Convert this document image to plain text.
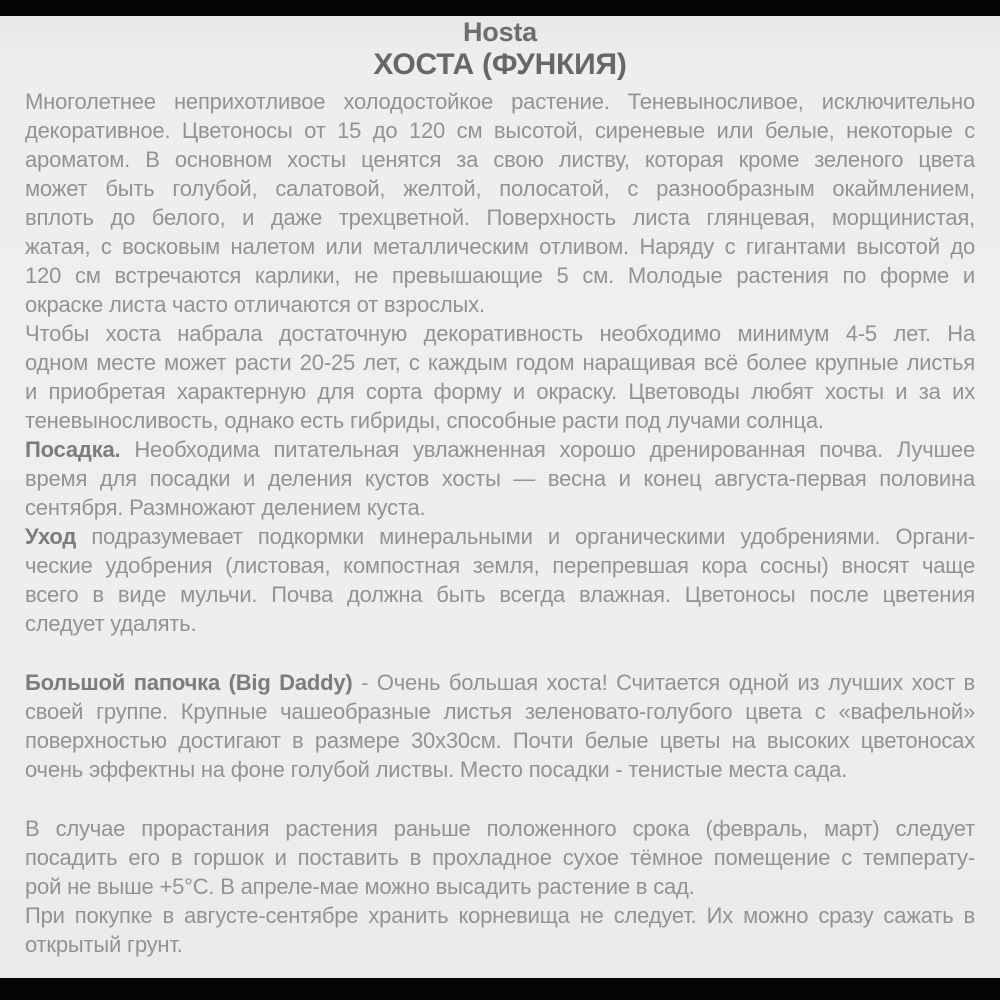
Hosta
ХОСТА (ФУНКИЯ)
Многолетнее неприхотливое холодостойкое растение. Теневыносливое, исключительно
декоративное. Цветоносы от 15 до 120 см высотой, сиреневые или белые, некоторые с
ароматом. В основном хосты ценятся за свою листву, которая кроме зеленого цвета
может быть голубой, салатовой, желтой, полосатой, с разнообразным окаймлением,
вплоть до белого, и даже трехцветной. Поверхность листа глянцевая, морщинистая,
жатая, с восковым налетом или металлическим отливом. Наряду с гигантами высотой до
120 см встречаются карлики, не превышающие 5 см. Молодые растения по форме и
окраске листа часто отличаются от взрослых.
Чтобы хоста набрала достаточную декоративность необходимо минимум 4-5 лет. На
одном месте может расти 20-25 лет, с каждым годом наращивая всё более крупные листья
и приобретая характерную для сорта форму и окраску. Цветоводы любят хосты и за их
теневыносливость, однако есть гибриды, способные расти под лучами солнца.
Посадка. Необходима питательная увлажненная хорошо дренированная почва. Лучшее
время для посадки и деления кустов хосты — весна и конец августа-первая половина
сентября. Размножают делением куста.
Уход подразумевает подкормки минеральными и органическими удобрениями. Органи-
ческие удобрения (листовая, компостная земля, перепревшая кора сосны) вносят чаще
всего в виде мульчи. Почва должна быть всегда влажная. Цветоносы после цветения
следует удалять.
Большой папочка (Big Daddy) - Очень большая хоста! Считается одной из лучших хост в
своей группе. Крупные чашеобразные листья зеленовато-голубого цвета с «вафельной»
поверхностью достигают в размере 30х30см. Почти белые цветы на высоких цветоносах
очень эффектны на фоне голубой листвы. Место посадки - тенистые места сада.
В случае прорастания растения раньше положенного срока (февраль, март) следует
посадить его в горшок и поставить в прохладное сухое тёмное помещение с температу-
рой не выше +5°С. В апреле-мае можно высадить растение в сад.
При покупке в августе-сентябре хранить корневища не следует. Их можно сразу сажать в
открытый грунт.
